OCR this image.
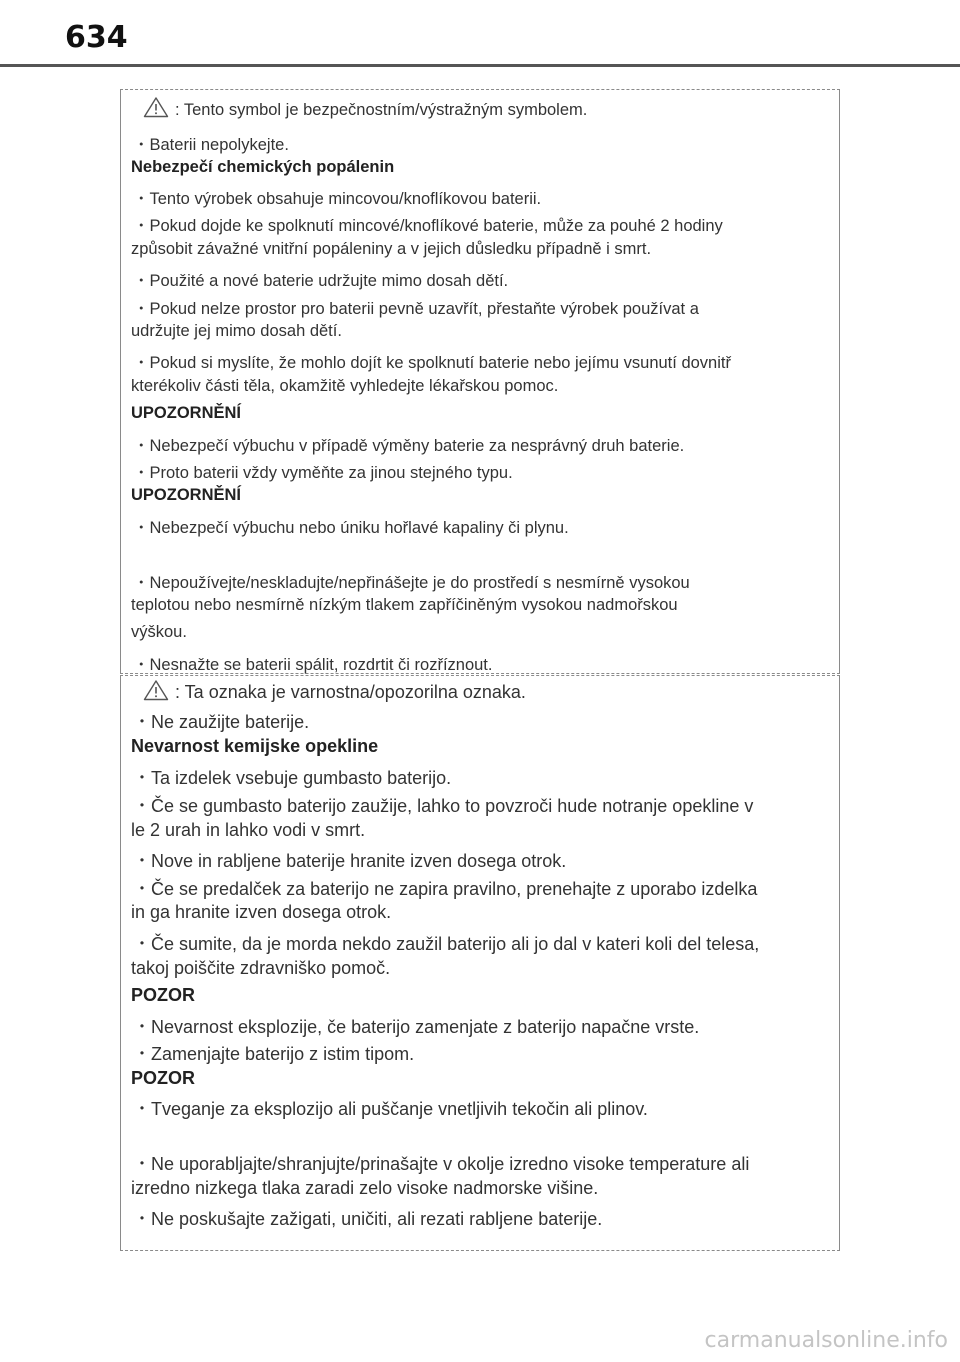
634
: Tento symbol je bezpečnostním/výstražným symbolem.
・Baterii nepolykejte.
Nebezpečí chemických popálenin
・Tento výrobek obsahuje mincovou/knoflíkovou baterii.
・Pokud dojde ke spolknutí mincové/knoflíkové baterie, může za pouhé 2 hodiny
způsobit závažné vnitřní popáleniny a v jejich důsledku případně i smrt.
・Použité a nové baterie udržujte mimo dosah dětí.
・Pokud nelze prostor pro baterii pevně uzavřít, přestaňte výrobek používat a
udržujte jej mimo dosah dětí.
・Pokud si myslíte, že mohlo dojít ke spolknutí baterie nebo jejímu vsunutí dovnitř
kterékoliv části těla, okamžitě vyhledejte lékařskou pomoc.
UPOZORNĚNÍ
・Nebezpečí výbuchu v případě výměny baterie za nesprávný druh baterie.
・Proto baterii vždy vyměňte za jinou stejného typu.
UPOZORNĚNÍ
・Nebezpečí výbuchu nebo úniku hořlavé kapaliny či plynu.
・Nepoužívejte/neskladujte/nepřinášejte je do prostředí s nesmírně vysokou
teplotou nebo nesmírně nízkým tlakem zapříčiněným vysokou nadmořskou
výškou.
・Nesnažte se baterii spálit, rozdrtit či rozříznout.
: Ta oznaka je varnostna/opozorilna oznaka.
・Ne zaužijte baterije.
Nevarnost kemijske opekline
・Ta izdelek vsebuje gumbasto baterijo.
・Če se gumbasto baterijo zaužije, lahko to povzroči hude notranje opekline v
le 2 urah in lahko vodi v smrt.
・Nove in rabljene baterije hranite izven dosega otrok.
・Če se predalček za baterijo ne zapira pravilno, prenehajte z uporabo izdelka
in ga hranite izven dosega otrok.
・Če sumite, da je morda nekdo zaužil baterijo ali jo dal v kateri koli del telesa,
takoj poiščite zdravniško pomoč.
POZOR
・Nevarnost eksplozije, če baterijo zamenjate z baterijo napačne vrste.
・Zamenjajte baterijo z istim tipom.
POZOR
・Tveganje za eksplozijo ali puščanje vnetljivih tekočin ali plinov.
・Ne uporabljajte/shranjujte/prinašajte v okolje izredno visoke temperature ali
izredno nizkega tlaka zaradi zelo visoke nadmorske višine.
・Ne poskušajte zažigati, uničiti, ali rezati rabljene baterije.
carmanualsonline.info
